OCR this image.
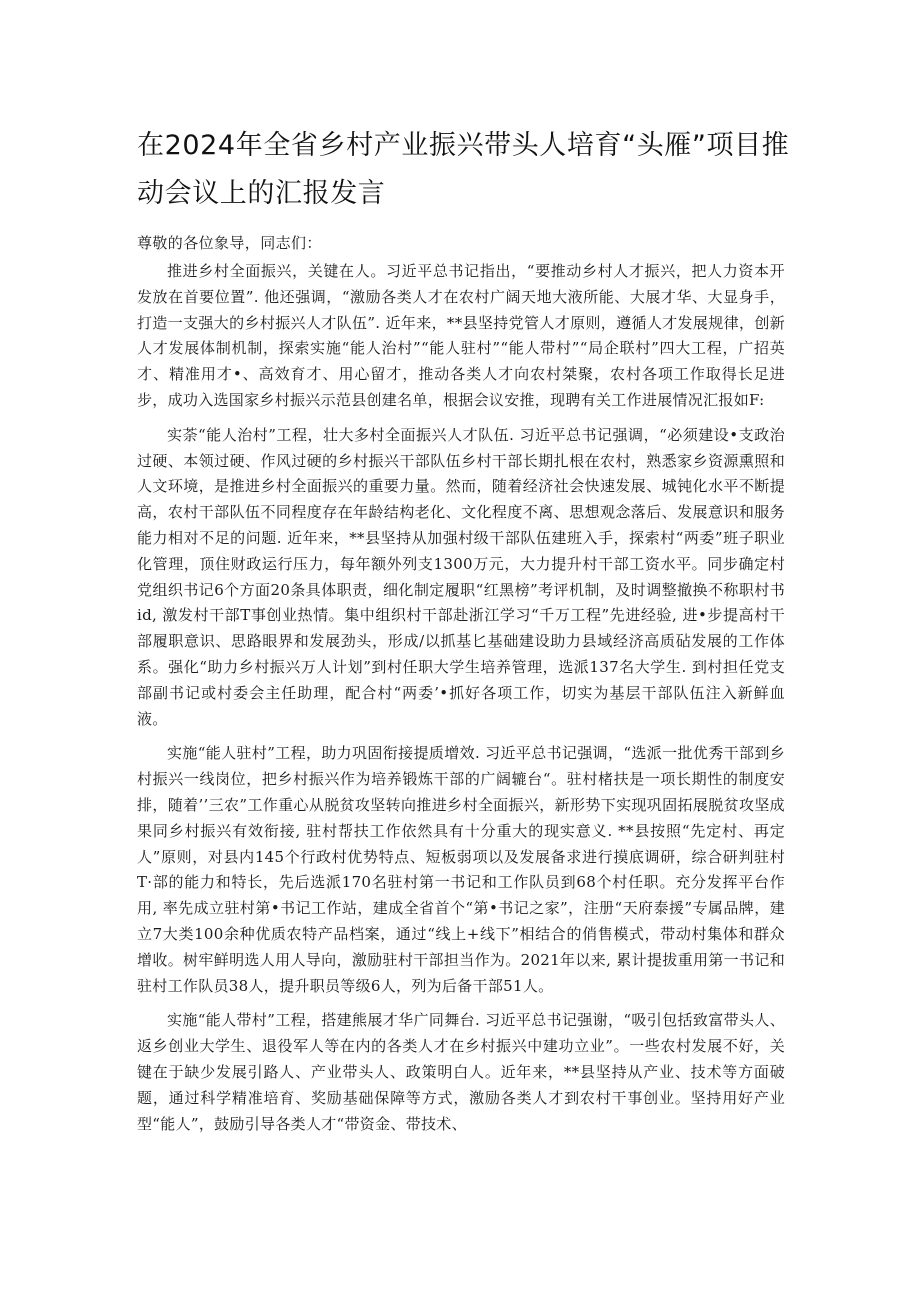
在2024年全省乡村产业振兴带头人培育“头雁”项目推动会议上的汇报发言

尊敬的各位象导，同志们：

推进乡村全面振兴，关键在人。习近平总书记指出，“要推动乡村人才振兴，把人力资本开发放在首要位置”. 他还强调，“激励各类人才在农村广阔天地大液所能、大展才华、大显身手，打造一支强大的乡村振兴人才队伍”. 近年来，**县坚持党管人才原则，遵循人才发展规律，创新人才发展体制机制，探索实施“能人治村”“能人驻村”“能人带村”“局企联村”四大工程，广招英才、精准用才•、高效育才、用心留才，推动各类人才向农村桀聚，农村各项工作取得长足进步，成功入选国家乡村振兴示范县创建名单，根据会议安推，现聘有关工作进展情况汇报如F:

实荼“能人治村”工程，壮大多村全面振兴人才队伍. 习近平总书记强调，“必须建设•支政治过硬、本领过硬、作风过硬的乡村振兴干部队伍乡村干部长期扎根在农村，熟悉家乡资源熏照和人文环境，是推进乡村全面振兴的重要力量。然而，随着经济社会快速发展、城钝化水平不断提高，农村干部队伍不同程度存在年龄结构老化、文化程度不离、思想观念落后、发展意识和服务能力相对不足的问题. 近年来，**县坚持从加强村级干部队伍建班入手，探索村“两委”班子职业化管理，顶住财政运行压力，每年额外列支1300万元，大力提升村干部工资水平。同步确定村党组织书记6个方面20条具体职责，细化制定履职“红黑榜”考评机制，及时调整撤换不称职村书id, 激发村干部T事创业热情。集中组织村干部赴浙江学习“千万工程”先进经验, 进•步提高村干部履职意识、思路眼界和发展劲头，形成/以抓基匕基础建设助力县域经济高质砧发展的工作体系。强化“助力乡村振兴万人计划”到村任职大学生培养管理，选派137名大学生. 到村担任党支部副书记或村委会主任助理，配合村“两委’•抓好各项工作，切实为基层干部队伍注入新鲜血液。

实施“能人驻村”工程，助力巩固衔接提质增效. 习近平总书记强调，“选派一批优秀干部到乡村振兴一线岗位，把乡村振兴作为培养锻炼干部的广阔辘台“。驻村楮扶是一项长期性的制度安排，随着’’三农”工作重心从脱贫攻坚转向推进乡村全面振兴，新形势下实现巩固拓展脱贫攻坚成果同乡村振兴有效衔接, 驻村帮扶工作依然具有十分重大的现实意义. **县按照“先定村、再定人”原则，对县内145个行政村优势特点、短板弱项以及发展备求进行摸底调研，综合研判驻村T·部的能力和特长，先后选派170名驻村第一书记和工作队员到68个村任职。充分发挥平台作用, 率先成立驻村第•书记工作站，建成全省首个“第•书记之家”，注册“天府泰援”专属品牌，建立7大类100余种优质农特产品档案，通过“线上+线下”相结合的俏售模式，带动村集体和群众增收。树牢鲜明选人用人导向，激励驻村干部担当作为。2021年以来, 累计提拔重用第一书记和驻村工作队员38人，提升职员等级6人，列为后备干部51人。

实施“能人带村”工程，搭建熊展才华广同舞台. 习近平总书记强谢，“吸引包括致富带头人、返乡创业大学生、退役军人等在内的各类人才在乡村振兴中建功立业”。一些农村发展不好，关键在于缺少发展引路人、产业带头人、政策明白人。近年来，**县坚持从产业、技术等方面破题，通过科学精准培育、奖励基础保障等方式，激励各类人才到农村干事创业。坚持用好产业型“能人”，鼓励引导各类人才“带资金、带技术、
